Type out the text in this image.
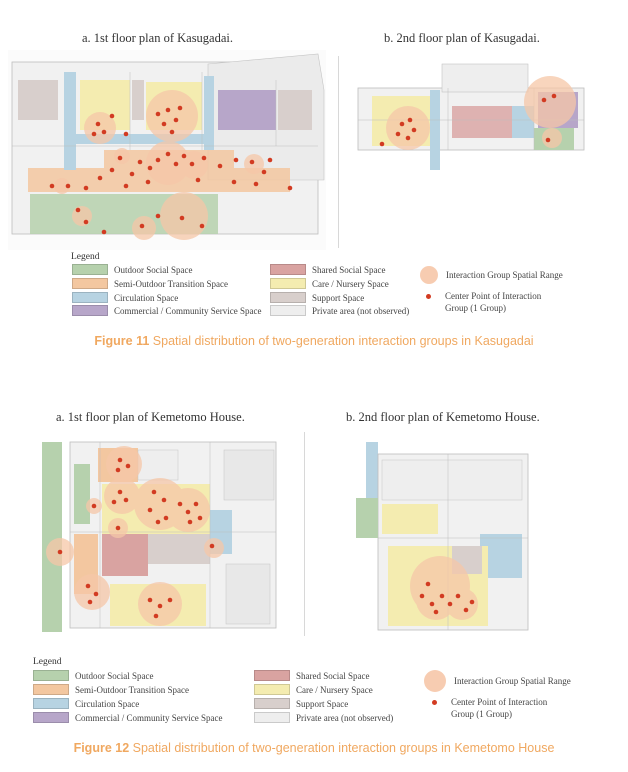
a. 1st floor plan of Kasugadai.	b. 2nd floor plan of Kasugadai.
Legend
Outdoor Social Space
Semi-Outdoor Transition Space
Circulation Space
Commercial / Community Service Space
Shared Social Space
Care / Nursery Space
Support Space
Private area (not observed)
Interaction Group Spatial Range
Center Point of Interaction
Group (1 Group)
Figure 11 Spatial distribution of two-generation interaction groups in Kasugadai
a. 1st floor plan of Kemetomo House.	b. 2nd floor plan of Kemetomo House.
Legend
Outdoor Social Space
Semi-Outdoor Transition Space
Circulation Space
Commercial / Community Service Space
Shared Social Space
Care / Nursery Space
Support Space
Private area (not observed)
Interaction Group Spatial Range
Center Point of Interaction
Group (1 Group)
Figure 12 Spatial distribution of two-generation interaction groups in Kemetomo House
